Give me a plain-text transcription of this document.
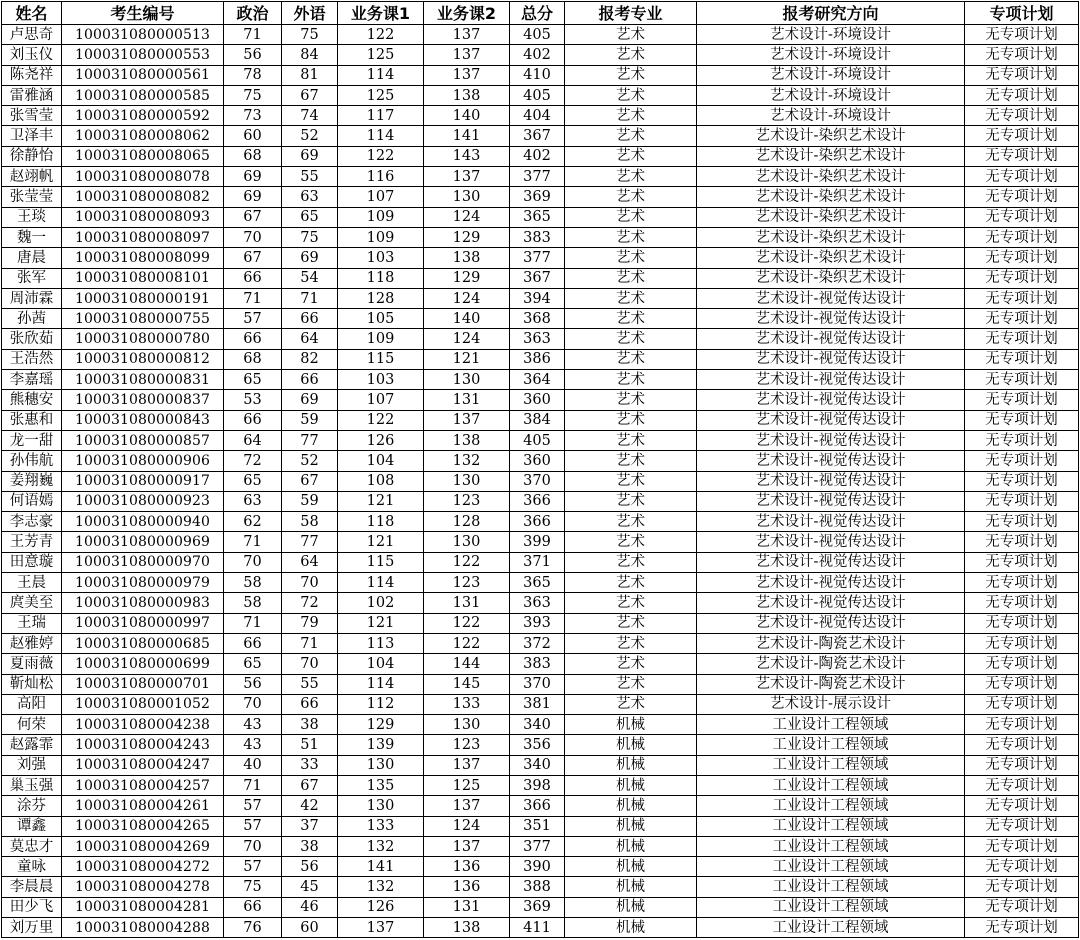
姓名	考生编号	政治	外语	业务课1	业务课2	总分	报考专业	报考研究方向	专项计划
卢思奇	100031080000513	71	75	122	137	405	艺术	艺术设计-环境设计	无专项计划
刘玉仪	100031080000553	56	84	125	137	402	艺术	艺术设计-环境设计	无专项计划
陈尧祥	100031080000561	78	81	114	137	410	艺术	艺术设计-环境设计	无专项计划
雷雅涵	100031080000585	75	67	125	138	405	艺术	艺术设计-环境设计	无专项计划
张雪莹	100031080000592	73	74	117	140	404	艺术	艺术设计-环境设计	无专项计划
卫泽丰	100031080008062	60	52	114	141	367	艺术	艺术设计-染织艺术设计	无专项计划
徐静怡	100031080008065	68	69	122	143	402	艺术	艺术设计-染织艺术设计	无专项计划
赵翊帆	100031080008078	69	55	116	137	377	艺术	艺术设计-染织艺术设计	无专项计划
张莹莹	100031080008082	69	63	107	130	369	艺术	艺术设计-染织艺术设计	无专项计划
王琰	100031080008093	67	65	109	124	365	艺术	艺术设计-染织艺术设计	无专项计划
魏一	100031080008097	70	75	109	129	383	艺术	艺术设计-染织艺术设计	无专项计划
唐晨	100031080008099	67	69	103	138	377	艺术	艺术设计-染织艺术设计	无专项计划
张军	100031080008101	66	54	118	129	367	艺术	艺术设计-染织艺术设计	无专项计划
周沛霖	100031080000191	71	71	128	124	394	艺术	艺术设计-视觉传达设计	无专项计划
孙茜	100031080000755	57	66	105	140	368	艺术	艺术设计-视觉传达设计	无专项计划
张欣茹	100031080000780	66	64	109	124	363	艺术	艺术设计-视觉传达设计	无专项计划
王浩然	100031080000812	68	82	115	121	386	艺术	艺术设计-视觉传达设计	无专项计划
李嘉瑶	100031080000831	65	66	103	130	364	艺术	艺术设计-视觉传达设计	无专项计划
熊穗安	100031080000837	53	69	107	131	360	艺术	艺术设计-视觉传达设计	无专项计划
张惠和	100031080000843	66	59	122	137	384	艺术	艺术设计-视觉传达设计	无专项计划
龙一甜	100031080000857	64	77	126	138	405	艺术	艺术设计-视觉传达设计	无专项计划
孙伟航	100031080000906	72	52	104	132	360	艺术	艺术设计-视觉传达设计	无专项计划
姜翔巍	100031080000917	65	67	108	130	370	艺术	艺术设计-视觉传达设计	无专项计划
何语嫣	100031080000923	63	59	121	123	366	艺术	艺术设计-视觉传达设计	无专项计划
李志豪	100031080000940	62	58	118	128	366	艺术	艺术设计-视觉传达设计	无专项计划
王芳青	100031080000969	71	77	121	130	399	艺术	艺术设计-视觉传达设计	无专项计划
田意璇	100031080000970	70	64	115	122	371	艺术	艺术设计-视觉传达设计	无专项计划
王晨	100031080000979	58	70	114	123	365	艺术	艺术设计-视觉传达设计	无专项计划
庹美至	100031080000983	58	72	102	131	363	艺术	艺术设计-视觉传达设计	无专项计划
王瑞	100031080000997	71	79	121	122	393	艺术	艺术设计-视觉传达设计	无专项计划
赵雅婷	100031080000685	66	71	113	122	372	艺术	艺术设计-陶瓷艺术设计	无专项计划
夏雨薇	100031080000699	65	70	104	144	383	艺术	艺术设计-陶瓷艺术设计	无专项计划
靳灿松	100031080000701	56	55	114	145	370	艺术	艺术设计-陶瓷艺术设计	无专项计划
高阳	100031080001052	70	66	112	133	381	艺术	艺术设计-展示设计	无专项计划
何荣	100031080004238	43	38	129	130	340	机械	工业设计工程领域	无专项计划
赵露霏	100031080004243	43	51	139	123	356	机械	工业设计工程领域	无专项计划
刘强	100031080004247	40	33	130	137	340	机械	工业设计工程领域	无专项计划
巢玉强	100031080004257	71	67	135	125	398	机械	工业设计工程领域	无专项计划
涂芬	100031080004261	57	42	130	137	366	机械	工业设计工程领域	无专项计划
谭鑫	100031080004265	57	37	133	124	351	机械	工业设计工程领域	无专项计划
莫忠才	100031080004269	70	38	132	137	377	机械	工业设计工程领域	无专项计划
童咏	100031080004272	57	56	141	136	390	机械	工业设计工程领域	无专项计划
李晨晨	100031080004278	75	45	132	136	388	机械	工业设计工程领域	无专项计划
田少飞	100031080004281	66	46	126	131	369	机械	工业设计工程领域	无专项计划
刘万里	100031080004288	76	60	137	138	411	机械	工业设计工程领域	无专项计划
